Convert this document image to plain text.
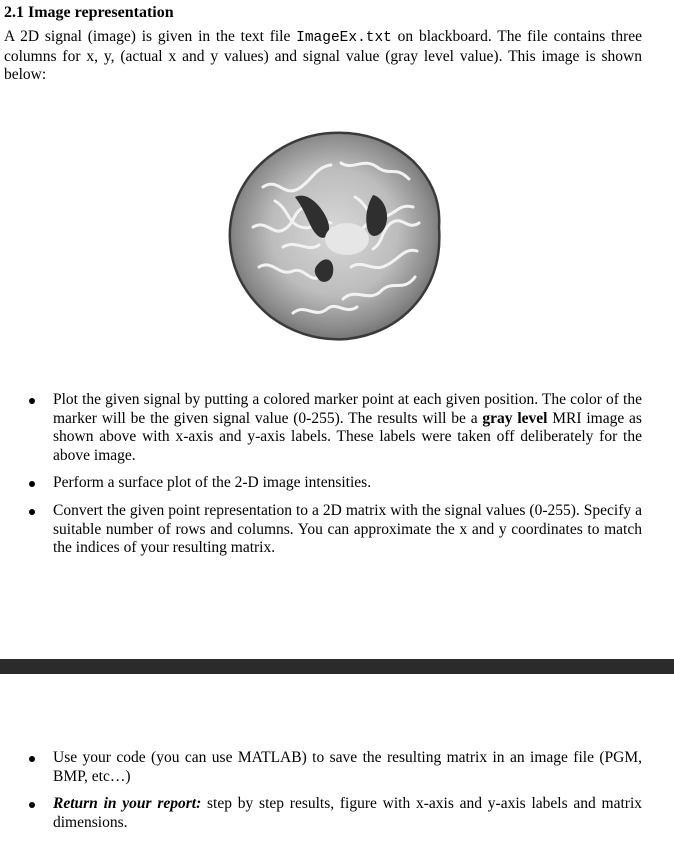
2.1 Image representation

A 2D signal (image) is given in the text file ImageEx.txt on blackboard. The file contains three columns for x, y, (actual x and y values) and signal value (gray level value). This image is shown below:

Plot the given signal by putting a colored marker point at each given position. The color of the marker will be the given signal value (0-255). The results will be a gray level MRI image as shown above with x-axis and y-axis labels. These labels were taken off deliberately for the above image.
Perform a surface plot of the 2-D image intensities.
Convert the given point representation to a 2D matrix with the signal values (0-255). Specify a suitable number of rows and columns. You can approximate the x and y coordinates to match the indices of your resulting matrix.
Use your code (you can use MATLAB) to save the resulting matrix in an image file (PGM, BMP, etc…)
Return in your report: step by step results, figure with x-axis and y-axis labels and matrix dimensions.
